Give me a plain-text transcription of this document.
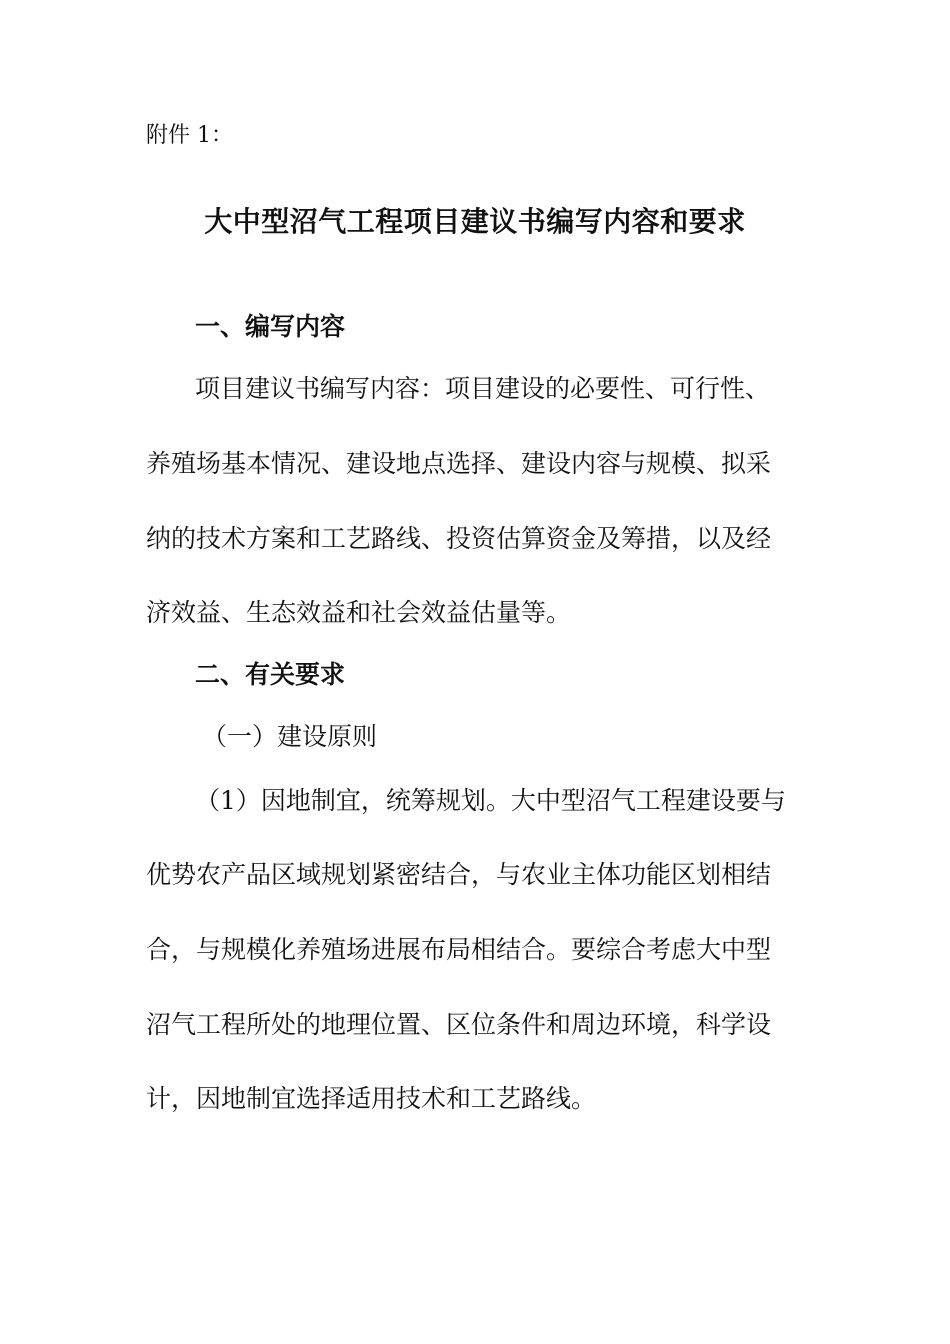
附件 1：
大中型沼气工程项目建议书编写内容和要求
一、编写内容
项目建议书编写内容：项目建设的必要性、可行性、
养殖场基本情况、建设地点选择、建设内容与规模、拟采
纳的技术方案和工艺路线、投资估算资金及筹措，以及经
济效益、生态效益和社会效益估量等。
二、有关要求
（一）建设原则
（1）因地制宜，统筹规划。大中型沼气工程建设要与
优势农产品区域规划紧密结合，与农业主体功能区划相结
合，与规模化养殖场进展布局相结合。要综合考虑大中型
沼气工程所处的地理位置、区位条件和周边环境，科学设
计，因地制宜选择适用技术和工艺路线。
